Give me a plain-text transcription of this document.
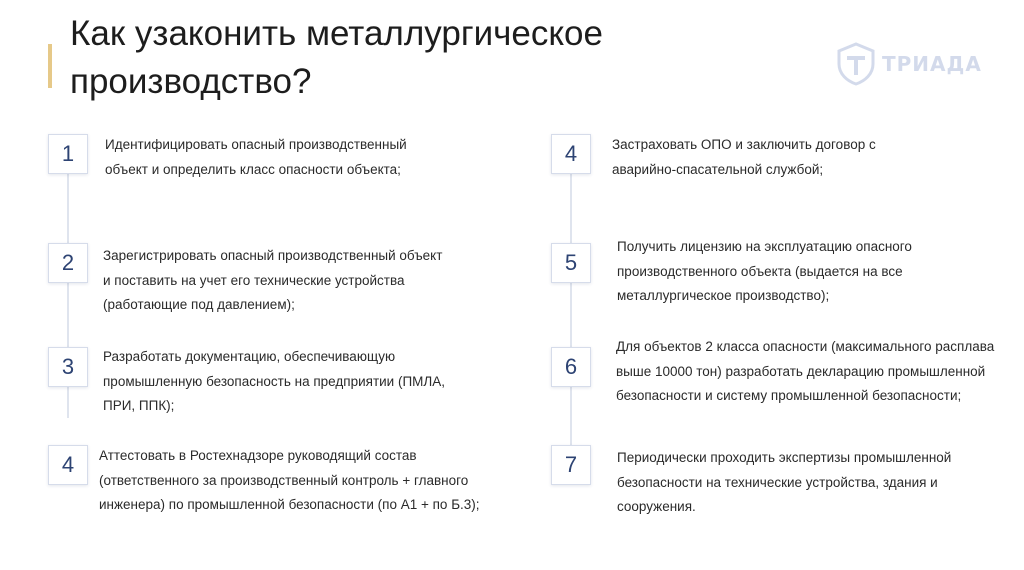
Как узаконить металлургическое производство?	ТРИАДА
1	Идентифицировать опасный производственный объект и определить класс опасности объекта;
2	Зарегистрировать опасный производственный объект и поставить на учет его технические устройства (работающие под давлением);
3	Разработать документацию, обеспечивающую промышленную безопасность на предприятии (ПМЛА, ПРИ, ППК);
4	Аттестовать в Ростехнадзоре руководящий состав (ответственного за производственный контроль + главного инженера) по промышленной безопасности (по А1 + по Б.3);
4	Застраховать ОПО и заключить договор с аварийно-спасательной службой;
5
Получить лицензию на эксплуатацию опасного производственного объекта (выдается на все металлургическое производство);
6
Для объектов 2 класса опасности (максимального расплава выше 10000 тон) разработать декларацию промышленной безопасности и систему промышленной безопасности;
7	Периодически проходить экспертизы промышленной безопасности на технические устройства, здания и сооружения.
